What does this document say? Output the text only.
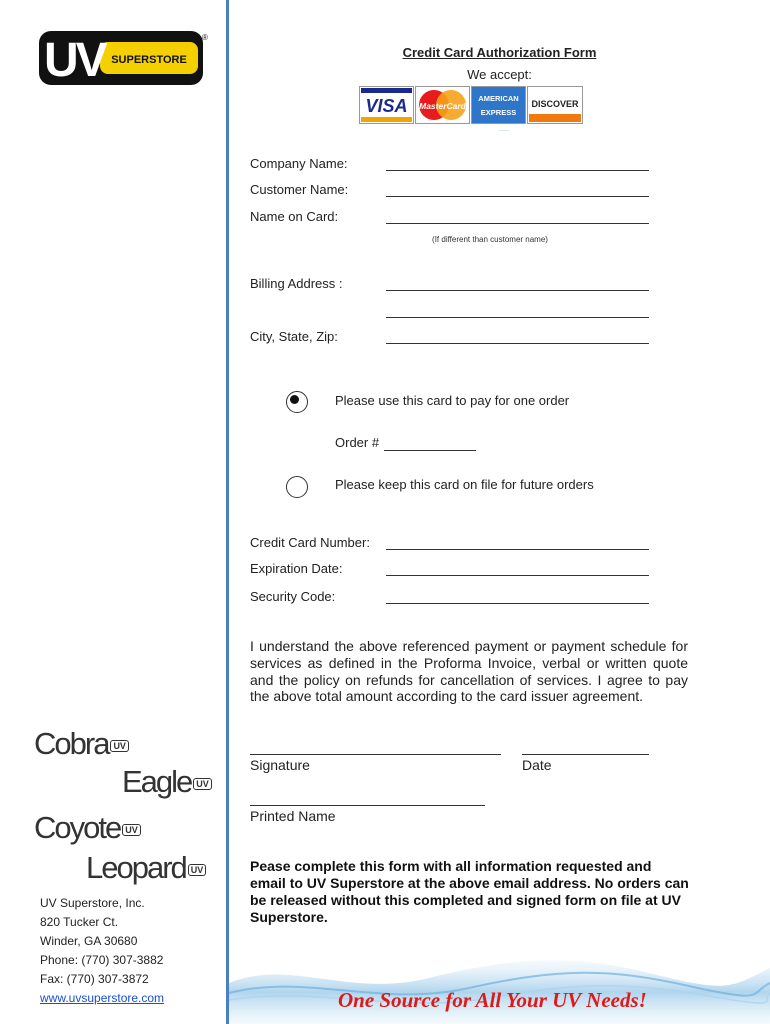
UV SUPERSTORE
®
Credit Card Authorization Form
We accept:
VISA MasterCard
AMERICAN
EXPRESS
AMERICAN EXPRESS
DISCOVER
Company Name:
Customer Name:
Name on Card:
(If different than customer name)
Billing Address :
City, State, Zip:
Please use this card to pay for one order
Order #
Please keep this card on file for future orders
Credit Card Number:
Expiration Date:
Security Code:
I understand the above referenced payment or payment schedule for services as defined in the Proforma Invoice, verbal or written quote and the policy on refunds for cancellation of services. I agree to pay the above total amount according to the card issuer agreement.
Signature	Date
Printed Name
Pease complete this form with all information requested and email to UV Superstore at the above email address. No orders can be released without this completed and signed form on file at UV Superstore.
Cobra UV
Eagle UV
Coyote UV
Leopard UV
UV Superstore, Inc.
820 Tucker Ct.
Winder, GA 30680
Phone: (770) 307-3882
Fax: (770) 307-3872
www.uvsuperstore.com	One Source for All Your UV Needs!
